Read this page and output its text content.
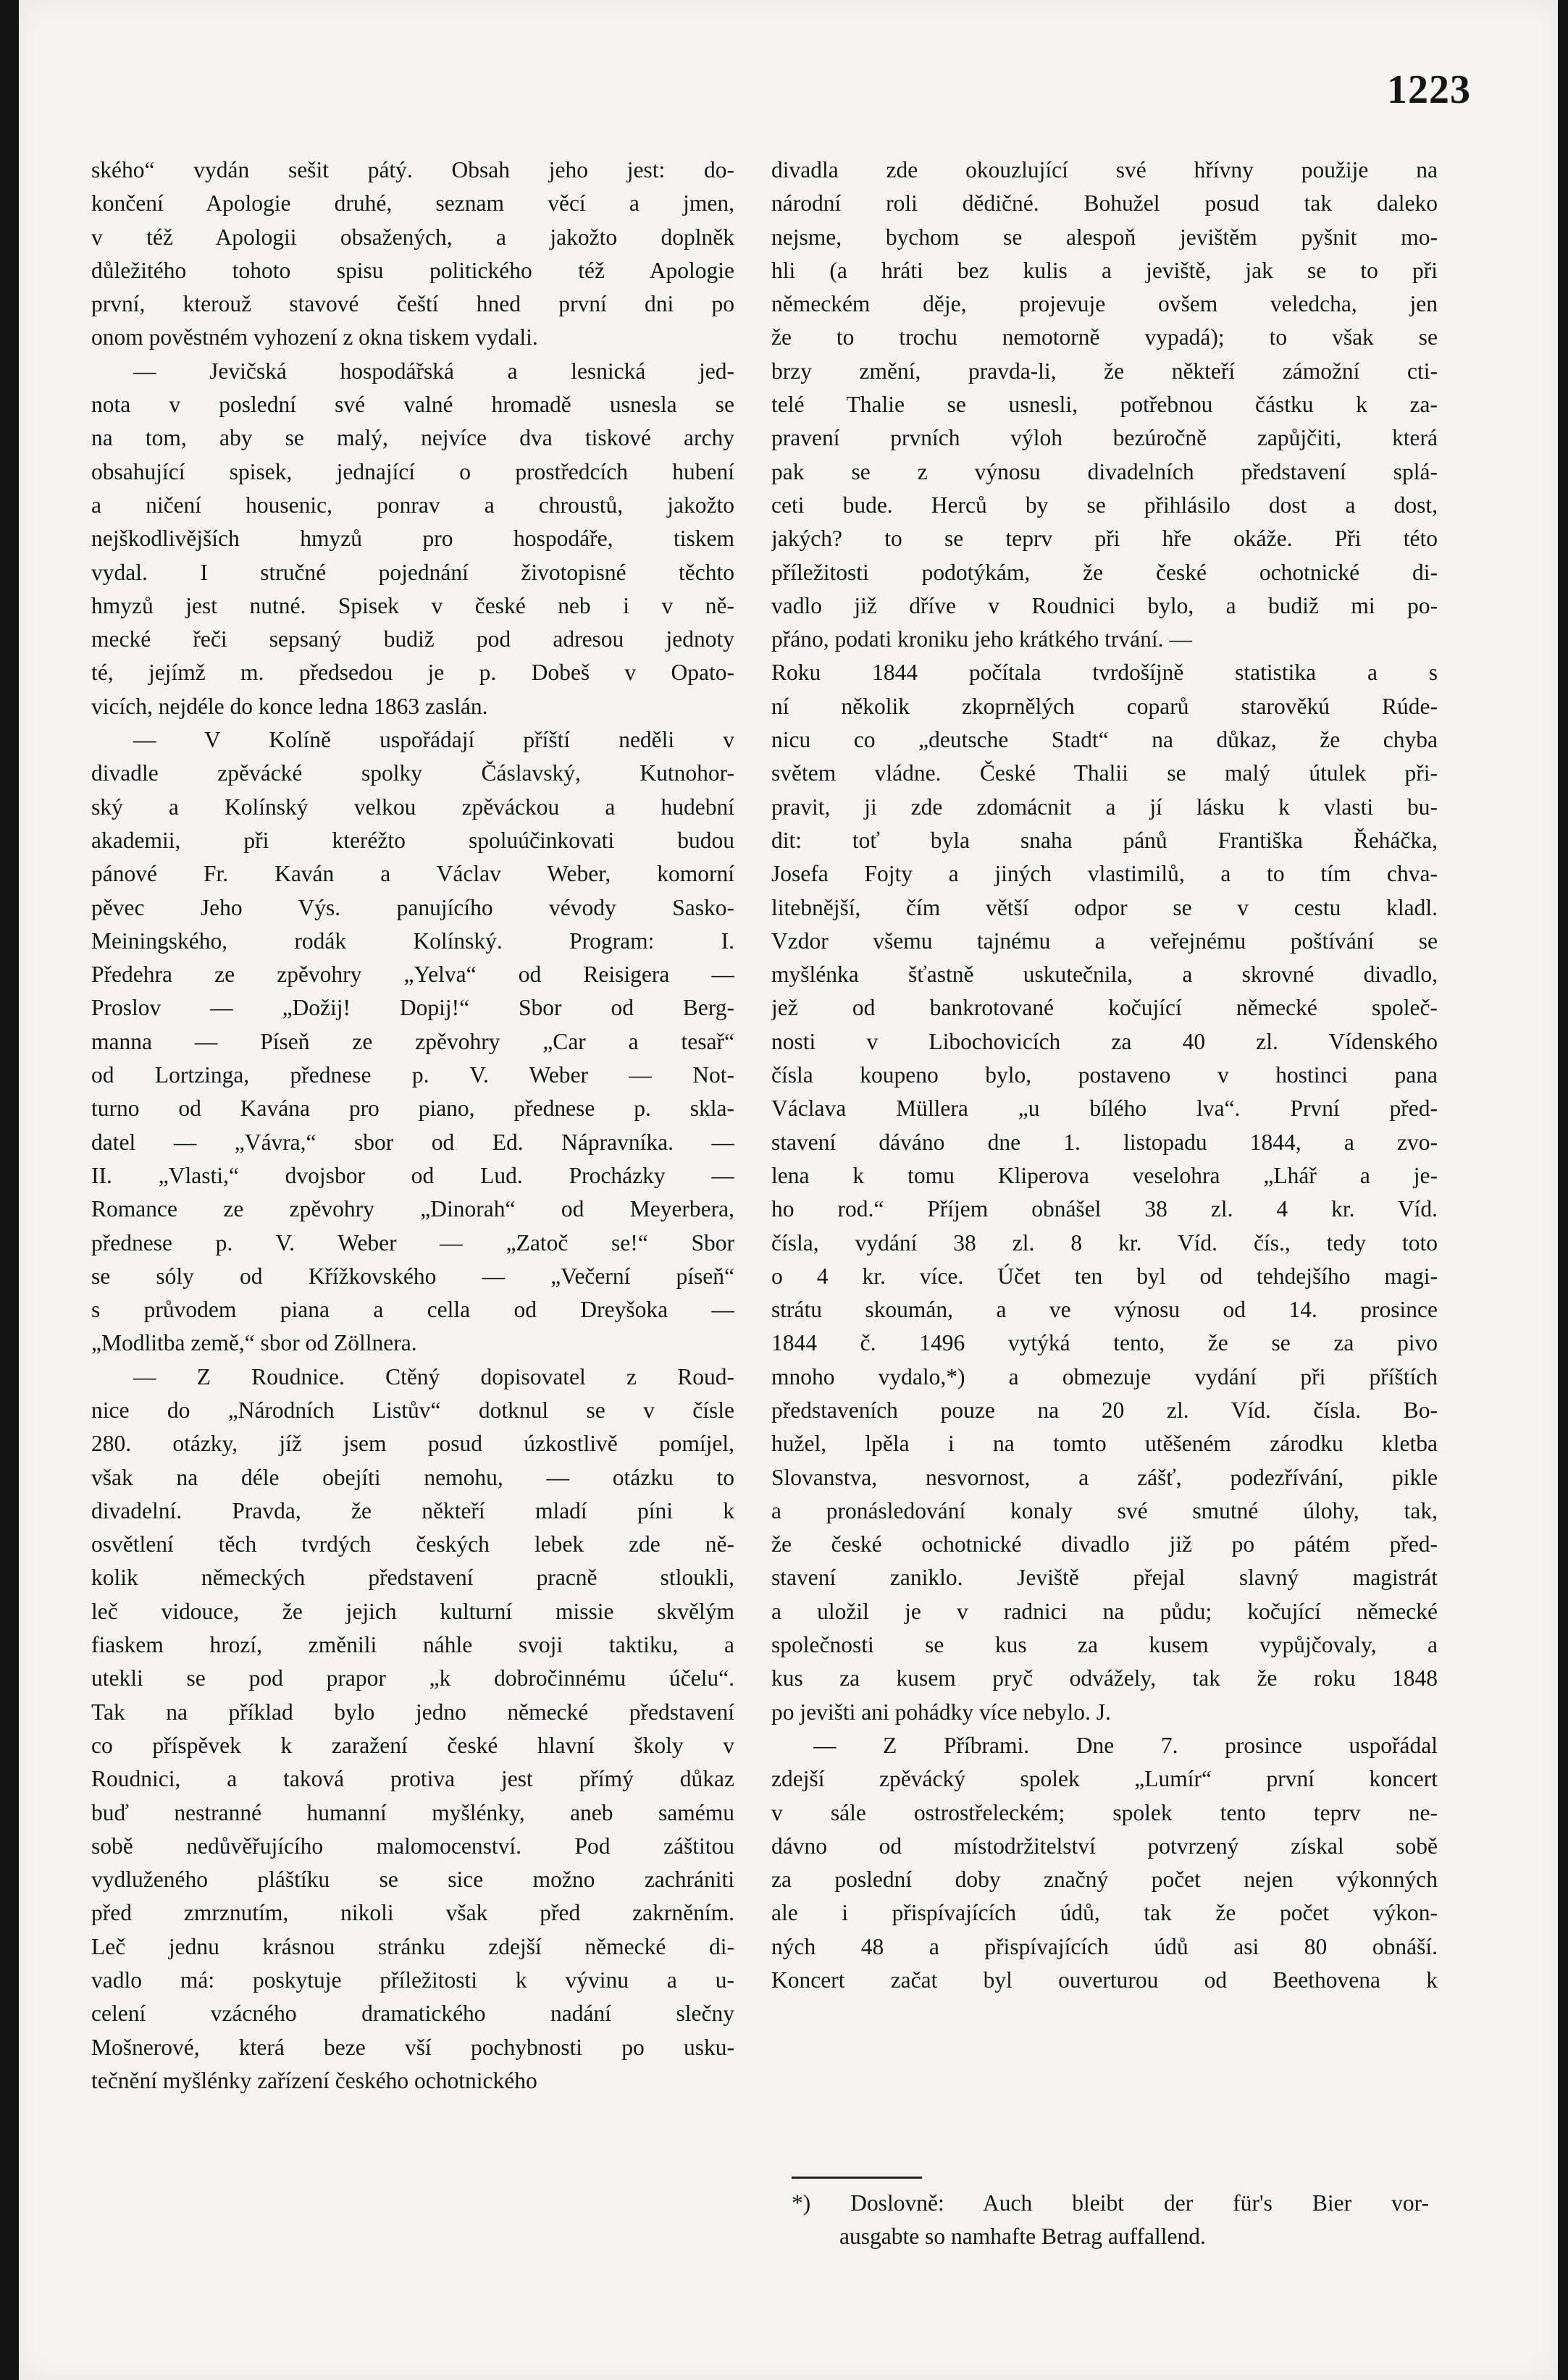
1223
ského“ vydán sešit pátý. Obsah jeho jest: do-
končení Apologie druhé, seznam věcí a jmen,
v též Apologii obsažených, a jakožto doplněk
důležitého tohoto spisu politického též Apologie
první, kterouž stavové čeští hned první dni po
onom pověstném vyhození z okna tiskem vydali.
— Jevičská hospodářská a lesnická jed-
nota v poslední své valné hromadě usnesla se
na tom, aby se malý, nejvíce dva tiskové archy
obsahující spisek, jednající o prostředcích hubení
a ničení housenic, ponrav a chroustů, jakožto
nejškodlivějších hmyzů pro hospodáře, tiskem
vydal. I stručné pojednání životopisné těchto
hmyzů jest nutné. Spisek v české neb i v ně-
mecké řeči sepsaný budiž pod adresou jednoty
té, jejímž m. předsedou je p. Dobeš v Opato-
vicích, nejdéle do konce ledna 1863 zaslán.
— V Kolíně uspořádají příští neděli v
divadle zpěvácké spolky Čáslavský, Kutnohor-
ský a Kolínský velkou zpěváckou a hudební
akademii, při kteréžto spoluúčinkovati budou
pánové Fr. Kaván a Václav Weber, komorní
pěvec Jeho Výs. panujícího vévody Sasko-
Meiningského, rodák Kolínský. Program: I.
Předehra ze zpěvohry „Yelva“ od Reisigera —
Proslov — „Dožij! Dopij!“ Sbor od Berg-
manna — Píseň ze zpěvohry „Car a tesař“
od Lortzinga, přednese p. V. Weber — Not-
turno od Kavána pro piano, přednese p. skla-
datel — „Vávra,“ sbor od Ed. Nápravníka. —
II. „Vlasti,“ dvojsbor od Lud. Procházky —
Romance ze zpěvohry „Dinorah“ od Meyerbera,
přednese p. V. Weber — „Zatoč se!“ Sbor
se sóly od Křížkovského — „Večerní píseň“
s průvodem piana a cella od Dreyšoka —
„Modlitba země,“ sbor od Zöllnera.
— Z Roudnice. Ctěný dopisovatel z Roud-
nice do „Národních Listův“ dotknul se v čísle
280. otázky, jíž jsem posud úzkostlivě pomíjel,
však na déle obejíti nemohu, — otázku to
divadelní. Pravda, že někteří mladí píni k
osvětlení těch tvrdých českých lebek zde ně-
kolik německých představení pracně stloukli,
leč vidouce, že jejich kulturní missie skvělým
fiaskem hrozí, změnili náhle svoji taktiku, a
utekli se pod prapor „k dobročinnému účelu“.
Tak na příklad bylo jedno německé představení
co příspěvek k zaražení české hlavní školy v
Roudnici, a taková protiva jest přímý důkaz
buď nestranné humanní myšlénky, aneb samému
sobě nedůvěřujícího malomocenství. Pod záštitou
vydluženého pláštíku se sice možno zachrániti
před zmrznutím, nikoli však před zakrněním.
Leč jednu krásnou stránku zdejší německé di-
vadlo má: poskytuje příležitosti k vývinu a u-
celení vzácného dramatického nadání slečny
Mošnerové, která beze vší pochybnosti po usku-
tečnění myšlénky zařízení českého ochotnického
divadla zde okouzlující své hřívny použije na
národní roli dědičné. Bohužel posud tak daleko
nejsme, bychom se alespoň jevištěm pyšnit mo-
hli (a hráti bez kulis a jeviště, jak se to při
německém děje, projevuje ovšem veledcha, jen
že to trochu nemotorně vypadá); to však se
brzy změní, pravda-li, že někteří zámožní cti-
telé Thalie se usnesli, potřebnou částku k za-
pravení prvních výloh bezúročně zapůjčiti, která
pak se z výnosu divadelních představení splá-
ceti bude. Herců by se přihlásilo dost a dost,
jakých? to se teprv při hře okáže. Při této
příležitosti podotýkám, že české ochotnické di-
vadlo již dříve v Roudnici bylo, a budiž mi po-
přáno, podati kroniku jeho krátkého trvání. —
Roku 1844 počítala tvrdošíjně statistika a s
ní několik zkoprnělých coparů starověkú Rúde-
nicu co „deutsche Stadt“ na důkaz, že chyba
světem vládne. České Thalii se malý útulek při-
pravit, ji zde zdomácnit a jí lásku k vlasti bu-
dit: toť byla snaha pánů Františka Řeháčka,
Josefa Fojty a jiných vlastimilů, a to tím chva-
litebnější, čím větší odpor se v cestu kladl.
Vzdor všemu tajnému a veřejnému poštívání se
myšlénka šťastně uskutečnila, a skrovné divadlo,
jež od bankrotované kočující německé společ-
nosti v Libochovicích za 40 zl. Vídenského
čísla koupeno bylo, postaveno v hostinci pana
Václava Müllera „u bílého lva“. První před-
stavení dáváno dne 1. listopadu 1844, a zvo-
lena k tomu Kliperova veselohra „Lhář a je-
ho rod.“ Příjem obnášel 38 zl. 4 kr. Víd.
čísla, vydání 38 zl. 8 kr. Víd. čís., tedy toto
o 4 kr. více. Účet ten byl od tehdejšího magi-
strátu skoumán, a ve výnosu od 14. prosince
1844 č. 1496 vytýká tento, že se za pivo
mnoho vydalo,*) a obmezuje vydání při příštích
představeních pouze na 20 zl. Víd. čísla. Bo-
hužel, lpěla i na tomto utěšeném zárodku kletba
Slovanstva, nesvornost, a zášť, podezřívání, pikle
a pronásledování konaly své smutné úlohy, tak,
že české ochotnické divadlo již po pátém před-
stavení zaniklo. Jeviště přejal slavný magistrát
a uložil je v radnici na půdu; kočující německé
společnosti se kus za kusem vypůjčovaly, a
kus za kusem pryč odvážely, tak že roku 1848
po jevišti ani pohádky více nebylo. J.
— Z Příbrami. Dne 7. prosince uspořádal
zdejší zpěvácký spolek „Lumír“ první koncert
v sále ostrostřeleckém; spolek tento teprv ne-
dávno od místodržitelství potvrzený získal sobě
za poslední doby značný počet nejen výkonných
ale i přispívajících údů, tak že počet výkon-
ných 48 a přispívajících údů asi 80 obnáší.
Koncert začat byl ouverturou od Beethovena k
*) Doslovně: Auch bleibt der für's Bier vor-
ausgabte so namhafte Betrag auffallend.
